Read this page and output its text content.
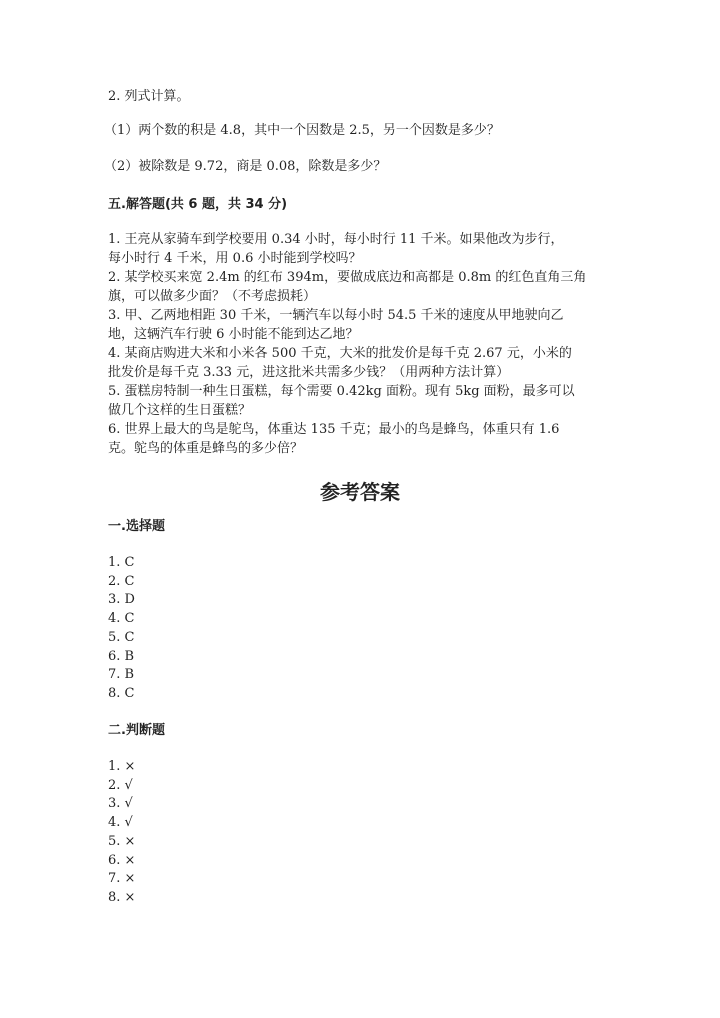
2. 列式计算。
（1）两个数的积是 4.8，其中一个因数是 2.5，另一个因数是多少？
（2）被除数是 9.72，商是 0.08，除数是多少？
五.解答题(共 6 题，共 34 分)
1. 王亮从家骑车到学校要用 0.34 小时，每小时行 11 千米。如果他改为步行，
每小时行 4 千米，用 0.6 小时能到学校吗？
2. 某学校买来宽 2.4m 的红布 394m，要做成底边和高都是 0.8m 的红色直角三角
旗，可以做多少面？（不考虑损耗）
3. 甲、乙两地相距 30 千米，一辆汽车以每小时 54.5 千米的速度从甲地驶向乙
地，这辆汽车行驶 6 小时能不能到达乙地？
4. 某商店购进大米和小米各 500 千克，大米的批发价是每千克 2.67 元，小米的
批发价是每千克 3.33 元，进这批米共需多少钱？（用两种方法计算）
5. 蛋糕房特制一种生日蛋糕，每个需要 0.42kg 面粉。现有 5kg 面粉，最多可以
做几个这样的生日蛋糕？
6. 世界上最大的鸟是鸵鸟，体重达 135 千克；最小的鸟是蜂鸟，体重只有 1.6
克。鸵鸟的体重是蜂鸟的多少倍？
参考答案
一.选择题
1. C
2. C
3. D
4. C
5. C
6. B
7. B
8. C
二.判断题
1. ×
2. √
3. √
4. √
5. ×
6. ×
7. ×
8. ×
